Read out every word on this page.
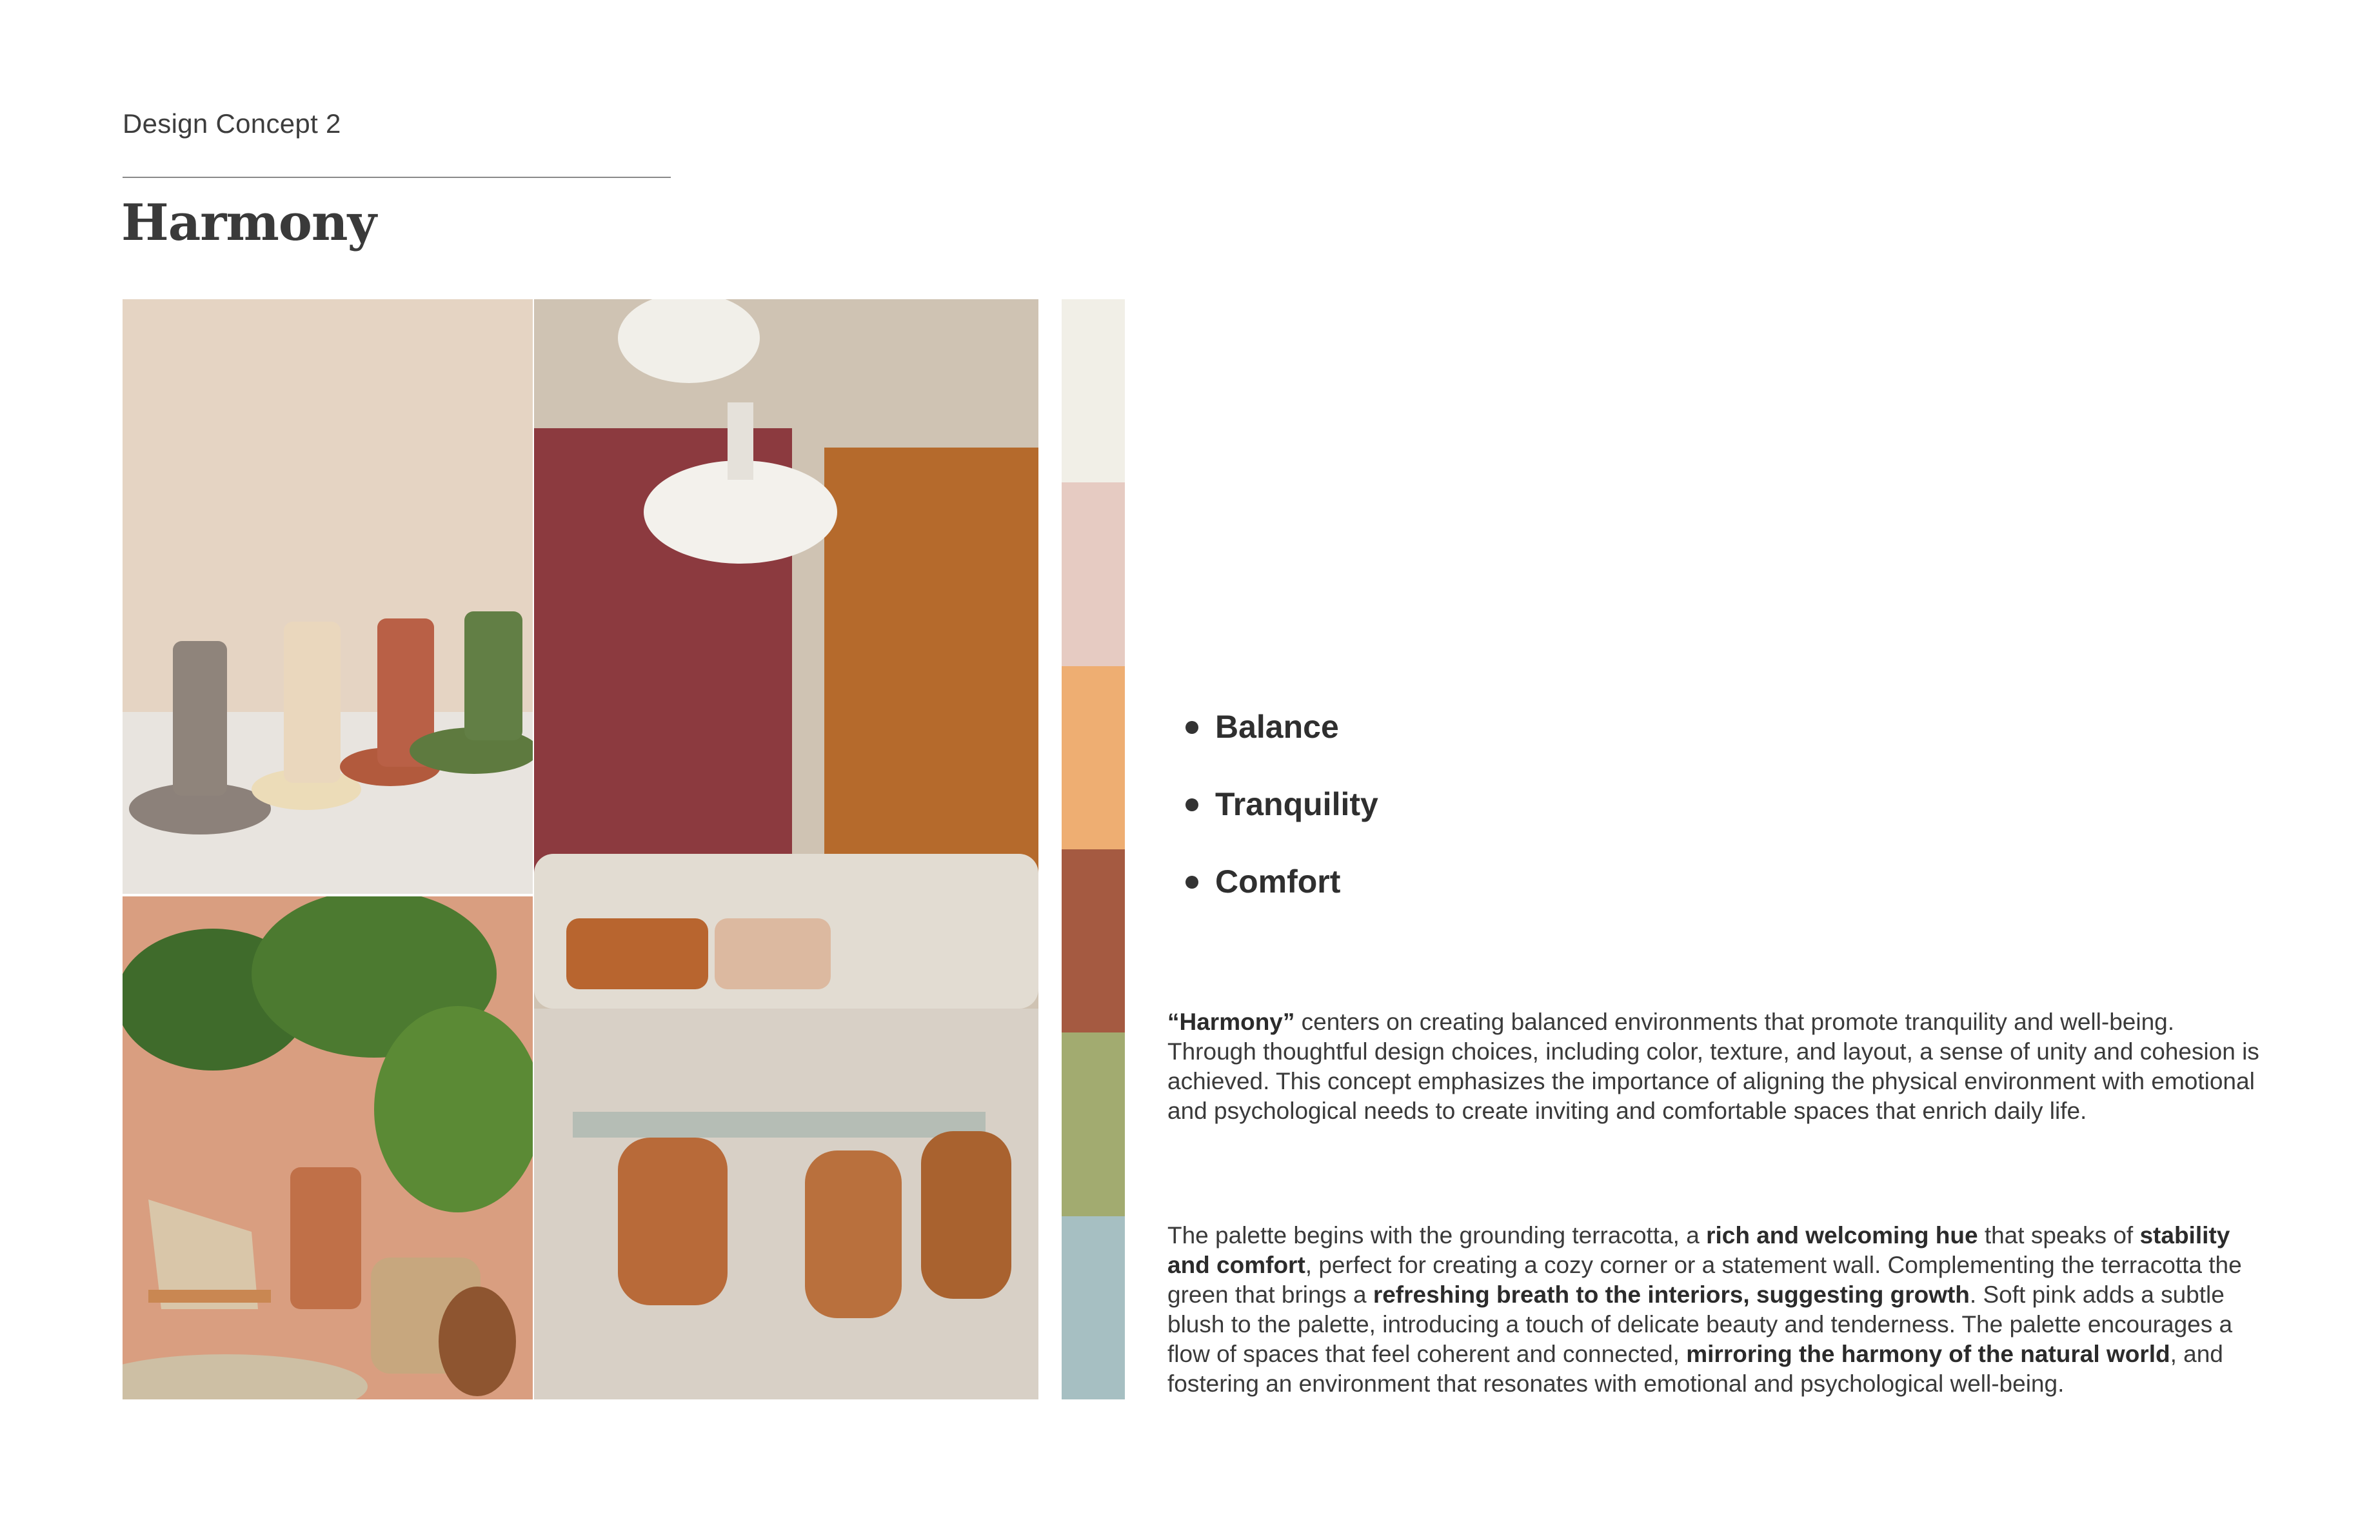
Design Concept 2
Harmony
Balance
Tranquility
Comfort
“Harmony” centers on creating balanced environments that promote tranquility and well-being. Through thoughtful design choices, including color, texture, and layout, a sense of unity and cohesion is achieved. This concept emphasizes the importance of aligning the physical environment with emotional and psychological needs to create inviting and comfortable spaces that enrich daily life.
The palette begins with the grounding terracotta, a rich and welcoming hue that speaks of stability and comfort, perfect for creating a cozy corner or a statement wall. Complementing the terracotta the green that brings a refreshing breath to the interiors, suggesting growth. Soft pink adds a subtle blush to the palette, introducing a touch of delicate beauty and tenderness. The palette encourages a flow of spaces that feel coherent and connected, mirroring the harmony of the natural world, and fostering an environment that resonates with emotional and psychological well-being.
